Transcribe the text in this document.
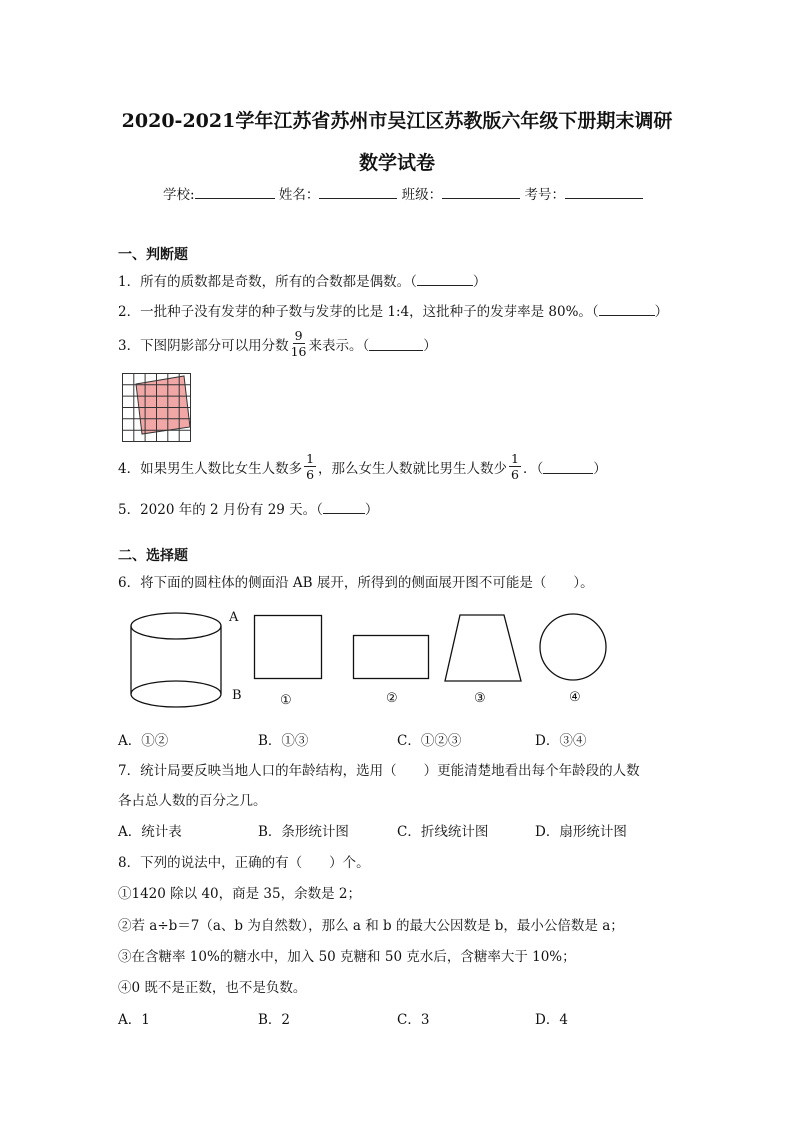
2020-2021学年江苏省苏州市吴江区苏教版六年级下册期末调研
数学试卷
学校:	姓名：	班级：	考号：
一、判断题
1．所有的质数都是奇数，所有的合数都是偶数。（	）
2．一批种子没有发芽的种子数与发芽的比是 1:4，这批种子的发芽率是 80%。（	）
3．下图阴影部分可以用分数 $\frac{9}{16}$ 来表示。（	）
4．如果男生人数比女生人数多 $\frac{1}{6}$ ，那么女生人数就比男生人数少 $\frac{1}{6}$ ．（	）
5．2020 年的 2 月份有 29 天。（	）
二、选择题
6．将下面的圆柱体的侧面沿 AB 展开，所得到的侧面展开图不可能是（　　）。
A
B	①	②	③	④
A．①②	B．①③	C．①②③	D．③④
7．统计局要反映当地人口的年龄结构，选用（　　）更能清楚地看出每个年龄段的人数
各占总人数的百分之几。
A．统计表	B．条形统计图	C．折线统计图	D．扇形统计图
8．下列的说法中，正确的有（　　）个。
①1420 除以 40，商是 35，余数是 2；
②若 a÷b＝7（a、b 为自然数），那么 a 和 b 的最大公因数是 b，最小公倍数是 a；
③在含糖率 10%的糖水中，加入 50 克糖和 50 克水后，含糖率大于 10%；
④0 既不是正数，也不是负数。
A．1	B．2	C．3	D．4
